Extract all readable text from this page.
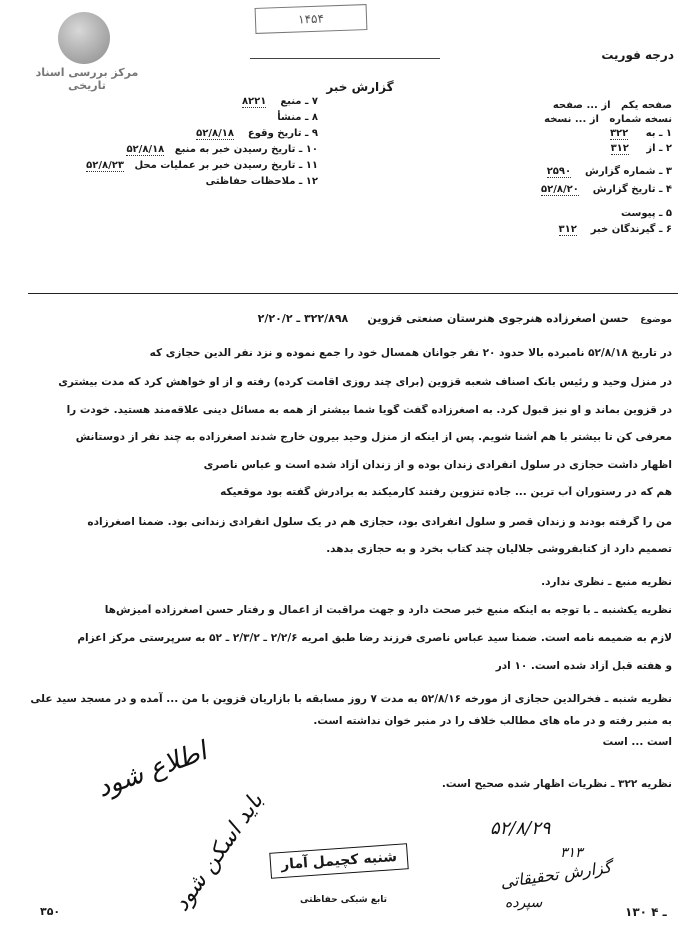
مرکز بررسی اسناد تاریخی
۱۴۵۴
درجه فوریت
گزارش خبر
صفحه یکم   از ... صفحه
نسخه شماره   از ... نسخه
۱ ـ به     ۳۲۲
۲ ـ از     ۳۱۲
۳ ـ شماره گزارش    ۲۵۹۰
۴ ـ تاریخ گزارش    ۵۲/۸/۲۰
۵ ـ پیوست
۶ ـ گیرندگان خبر    ۳۱۲
۷ ـ منبع    ۸۲۲۱
۸ ـ منشأ
۹ ـ تاریخ وقوع    ۵۲/۸/۱۸
۱۰ ـ تاریخ رسیدن خبر به منبع   ۵۲/۸/۱۸
۱۱ ـ تاریخ رسیدن خبر بر عملیات محل   ۵۲/۸/۲۳
۱۲ ـ ملاحظات حفاظتی
موضوع   حسن اصغرزاده هنرجوی هنرستان صنعتی قزوین     ۳۲۲/۸۹۸ ـ ۲/۲۰/۲
در تاریخ ۵۲/۸/۱۸ نامبرده بالا حدود ۲۰ نفر جوانان همسال خود را جمع نموده و نزد نفر الدین حجازی که
در منزل وحید و رئیس بانک اصناف شعبه قزوین (برای چند روزی اقامت کرده) رفته و از او خواهش کرد که مدت بیشتری
در قزوین بماند و او نیز قبول کرد. به اصغرزاده گفت گویا شما بیشتر از همه به مسائل دینی علاقه‌مند هستید. خودت را
معرفی کن تا بیشتر با هم آشنا شویم. پس از اینکه از منزل وحید بیرون خارج شدند اصغرزاده به چند نفر از دوستانش
اظهار داشت حجازی در سلول انفرادی زندان بوده و از زندان آزاد شده است و عباس ناصری
هم که در رستوران آب ترین ... جاده تنزوین رفتند کارمیکند به برادرش گفته بود موقعیکه
من را گرفته بودند و زندان قصر و سلول انفرادی بود، حجازی هم در یک سلول انفرادی زندانی بود. ضمناً اصغرزاده
تصمیم دارد از کتابفروشی جلالیان چند کتاب بخرد و به حجازی بدهد.
نظریه منبع ـ نظری ندارد.
نظریه یکشنبه ـ با توجه به اینکه منبع خبر صحت دارد و جهت مراقبت از اعمال و رفتار حسن اصغرزاده آمیزش‌ها
لازم به ضمیمه نامه است. ضمناً سید عباس ناصری فرزند رضا طبق امریه ۲/۲/۶ ـ ۲/۳/۲ ـ ۵۲ به سرپرستی مرکز اعزام
و هفته قبل آزاد شده است. ۱۰ اُدر
نظریه شنبه ـ فخرالدین حجازی از مورخه ۵۲/۸/۱۶ به مدت ۷ روز مسابقه با بازاریان قزوین با من ... آمده و در مسجد سید علی به منبر رفته و در ماه های مطالب خلاف را در منبر خوان نداشته است.
است ... است
نظریه ۳۲۲ ـ نظریات اظهار شده صحیح است.
اطلاع شود
باید اسکن شود	۵۲/۸/۲۹
۳۱۳
شنبه کچیمل آمار
تابع شبکی حفاظتی
گزارش تحقیقاتی
سپرده
۳۵۰	۱۳۰ ـ ۴
